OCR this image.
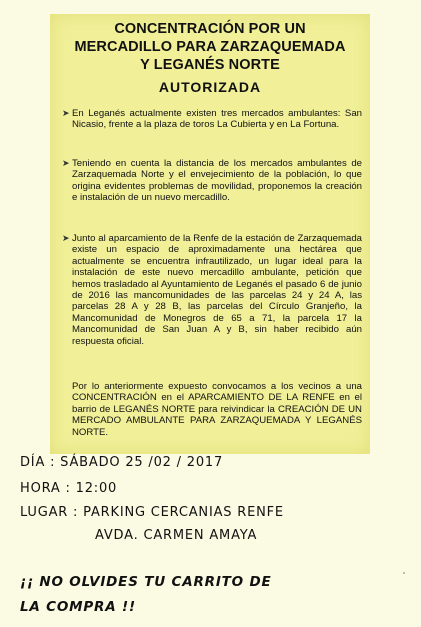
CONCENTRACIÓN POR UN
MERCADILLO PARA ZARZAQUEMADA
Y LEGANÉS NORTE
AUTORIZADA
➤ En Leganés actualmente existen tres mercados ambulantes: San Nicasio, frente a la plaza de toros La Cubierta y en La Fortuna.
➤ Teniendo en cuenta la distancia de los mercados ambulantes de Zarzaquemada Norte y el envejecimiento de la población, lo que origina evidentes problemas de movilidad, proponemos la creación e instalación de un nuevo mercadillo.
➤ Junto al aparcamiento de la Renfe de la estación de Zarzaquemada existe un espacio de aproximadamente una hectárea que actualmente se encuentra infrautilizado, un lugar ideal para la instalación de este nuevo mercadillo ambulante, petición que hemos trasladado al Ayuntamiento de Leganés el pasado 6 de junio de 2016 las mancomunidades de las parcelas 24 y 24 A, las parcelas 28 A y 28 B, las parcelas del Círculo Granjeño, la Mancomunidad de Monegros de 65 a 71, la parcela 17 la Mancomunidad de San Juan A y B, sin haber recibido aún respuesta oficial.
Por lo anteriormente expuesto convocamos a los vecinos a una CONCENTRACIÓN en el APARCAMIENTO DE LA RENFE en el barrio de LEGANÉS NORTE para reivindicar la CREACIÓN DE UN MERCADO AMBULANTE PARA ZARZAQUEMADA Y LEGANÉS NORTE.
DÍA : SÁBADO 25 /02 / 2017
HORA : 12:00
LUGAR : PARKING CERCANIAS RENFE
AVDA. CARMEN AMAYA
¡¡ NO OLVIDES TU CARRITO DE
LA COMPRA !!
